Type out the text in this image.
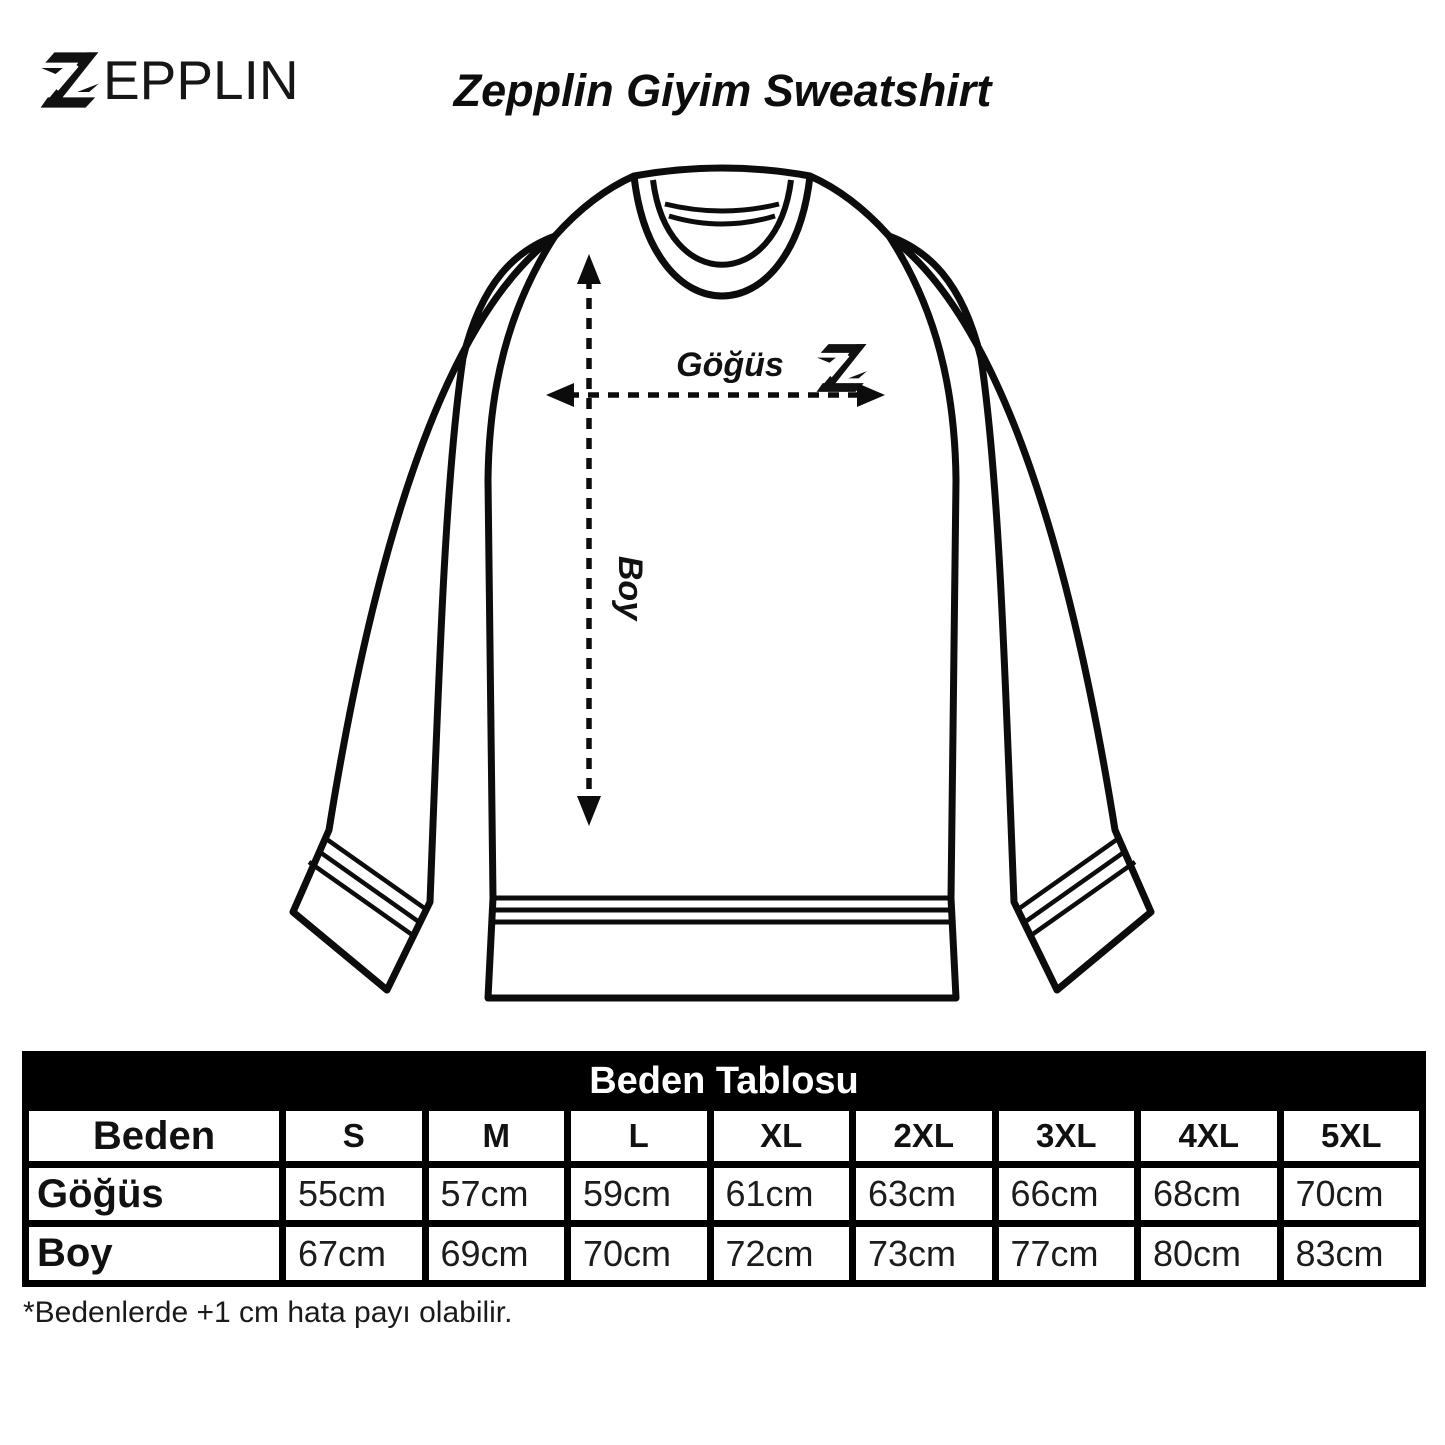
EPPLIN	Zepplin Giyim Sweatshirt
Boy
Göğüs
Beden Tablosu
Beden	S	M	L	XL	2XL	3XL	4XL	5XL
Göğüs	55cm	57cm	59cm	61cm	63cm	66cm	68cm	70cm
Boy	67cm	69cm	70cm	72cm	73cm	77cm	80cm	83cm
*Bedenlerde +1 cm hata payı olabilir.
